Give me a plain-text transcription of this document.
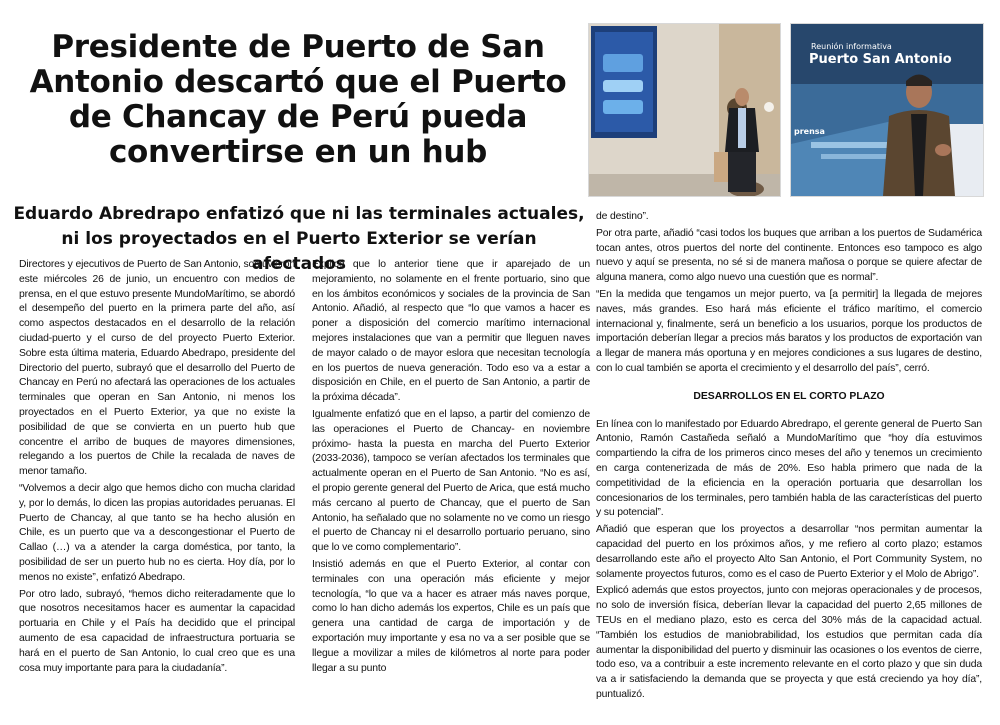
Presidente de Puerto de San Antonio descartó que el Puerto de Chancay de Perú pueda convertirse en un hub
Eduardo Abredrapo enfatizó que ni las terminales actuales, ni los proyectados en el Puerto Exterior se verían afectados
Reunión informativa
Puerto San Antonio
prensa

Directores y ejecutivos de Puerto de San Antonio, sostuvieron este miércoles 26 de junio, un encuentro con medios de prensa, en el que estuvo presente MundoMarítimo, se abordó el desempeño del puerto en la primera parte del año, así como aspectos destacados en el desarrollo de la relación ciudad-puerto y el curso de del proyecto Puerto Exterior. Sobre esta última materia, Eduardo Abedrapo, presidente del Directorio del puerto, subrayó que el desarrollo del Puerto de Chancay en Perú no afectará las operaciones de los actuales terminales que operan en San Antonio, ni menos los proyectados en el Puerto Exterior, ya que no existe la posibilidad de que se convierta en un puerto hub que concentre el arribo de buques de mayores dimensiones, relegando a los puertos de Chile la recalada de naves de menor tamaño.

“Volvemos a decir algo que hemos dicho con mucha claridad y, por lo demás, lo dicen las propias autoridades peruanas. El Puerto de Chancay, al que tanto se ha hecho alusión en Chile, es un puerto que va a descongestionar el Puerto de Callao (…) va a atender la carga doméstica, por tanto, la posibilidad de ser un puerto hub no es cierta. Hoy día, por lo menos no existe”, enfatizó Abedrapo.

Por otro lado, subrayó, “hemos dicho reiteradamente que lo que nosotros necesitamos hacer es aumentar la capacidad portuaria en Chile y el País ha decidido que el principal aumento de esa capacidad de infraestructura portuaria se hará en el puerto de San Antonio, lo cual creo que es una cosa muy importante para para la ciudadanía”.

Explicó que lo anterior tiene que ir aparejado de un mejoramiento, no solamente en el frente portuario, sino que en los ámbitos económicos y sociales de la provincia de San Antonio. Añadió, al respecto que “lo que vamos a hacer es poner a disposición del comercio marítimo internacional mejores instalaciones que van a permitir que lleguen naves de mayor calado o de mayor eslora que necesitan tecnología en los puertos de nueva generación. Todo eso va a estar a disposición en Chile, en el puerto de San Antonio, a partir de la próxima década”.

Igualmente enfatizó que en el lapso, a partir del comienzo de las operaciones el Puerto de Chancay- en noviembre próximo- hasta la puesta en marcha del Puerto Exterior (2033-2036), tampoco se verían afectados los terminales que actualmente operan en el Puerto de San Antonio. “No es así, el propio gerente general del Puerto de Arica, que está mucho más cercano al puerto de Chancay, que el puerto de San Antonio, ha señalado que no solamente no ve como un riesgo el puerto de Chancay ni el desarrollo portuario peruano, sino que lo ve como complementario”.

Insistió además en que el Puerto Exterior, al contar con terminales con una operación más eficiente y mejor tecnología, “lo que va a hacer es atraer más naves porque, como lo han dicho además los expertos, Chile es un país que genera una cantidad de carga de importación y de exportación muy importante y esa no va a ser posible que se llegue a movilizar a miles de kilómetros al norte para poder llegar a su punto

de destino”.

Por otra parte, añadió “casi todos los buques que arriban a los puertos de Sudamérica tocan antes, otros puertos del norte del continente. Entonces eso tampoco es algo nuevo y aquí se presenta, no sé si de manera mañosa o porque se quiere afectar de alguna manera, como algo nuevo una cuestión que es normal”.

“En la medida que tengamos un mejor puerto, va [a permitir] la llegada de mejores naves, más grandes. Eso hará más eficiente el tráfico marítimo, el comercio internacional y, finalmente, será un beneficio a los usuarios, porque los productos de importación deberían llegar a precios más baratos y los productos de exportación van a llegar de manera más oportuna y en mejores condiciones a sus lugares de destino, con lo cual también se aporta el crecimiento y el desarrollo del país”, cerró.

DESARROLLOS EN EL CORTO PLAZO

En línea con lo manifestado por Eduardo Abredrapo, el gerente general de Puerto San Antonio, Ramón Castañeda señaló a MundoMarítimo que “hoy día estuvimos compartiendo la cifra de los primeros cinco meses del año y tenemos un crecimiento en carga contenerizada de más de 20%. Eso habla primero que nada de la competitividad de la eficiencia en la operación portuaria que desarrollan los concesionarios de los terminales, pero también habla de las características del puerto y su potencial”.

Añadió que esperan que los proyectos a desarrollar “nos permitan aumentar la capacidad del puerto en los próximos años, y me refiero al corto plazo; estamos desarrollando este año el proyecto Alto San Antonio, el Port Community System, no solamente proyectos futuros, como es el caso de Puerto Exterior y el Molo de Abrigo”.

Explicó además que estos proyectos, junto con mejoras operacionales y de procesos, no solo de inversión física, deberían llevar la capacidad del puerto 2,65 millones de TEUs en el mediano plazo, esto es cerca del 30% más de la capacidad actual. “También los estudios de maniobrabilidad, los estudios que permitan cada día aumentar la disponibilidad del puerto y disminuir las ocasiones o los eventos de cierre, todo eso, va a contribuir a este incremento relevante en el corto plazo y que sin duda va a ir satisfaciendo la demanda que se proyecta y que está creciendo ya hoy día”, puntualizó.
